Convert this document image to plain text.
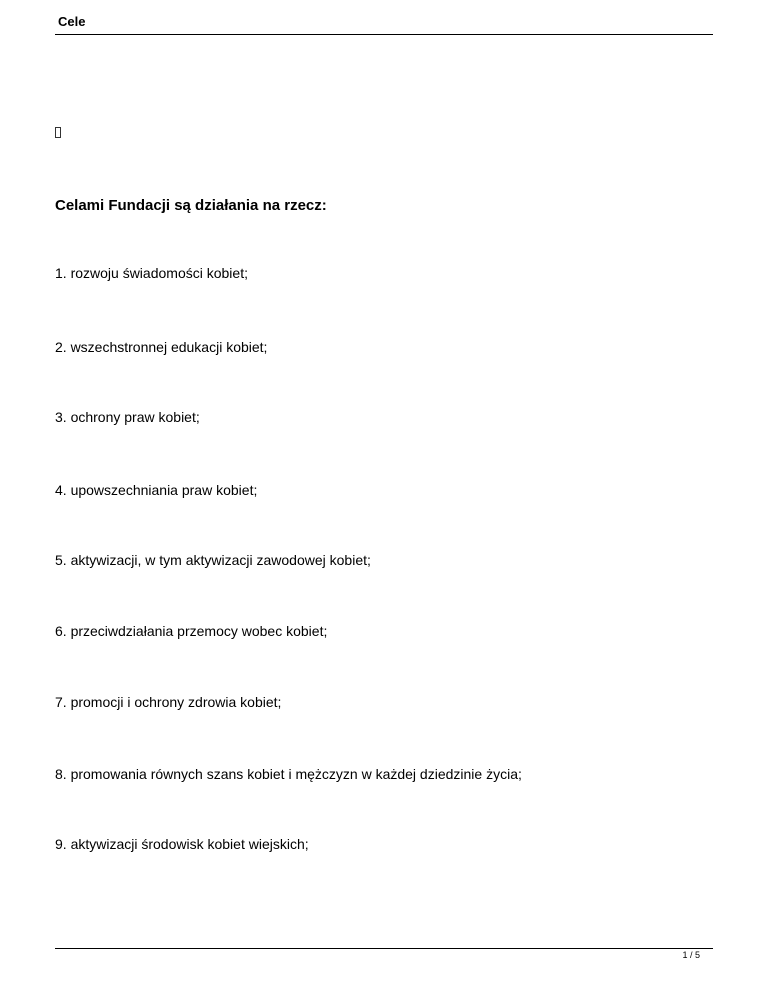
Cele
Celami Fundacji są działania na rzecz:
1. rozwoju świadomości kobiet;
2. wszechstronnej edukacji kobiet;
3. ochrony praw kobiet;
4. upowszechniania praw kobiet;
5. aktywizacji, w tym aktywizacji zawodowej kobiet;
6. przeciwdziałania przemocy wobec kobiet;
7. promocji i ochrony zdrowia kobiet;
8. promowania równych szans kobiet i mężczyzn w każdej dziedzinie życia;
9. aktywizacji środowisk kobiet wiejskich;
1 / 5
